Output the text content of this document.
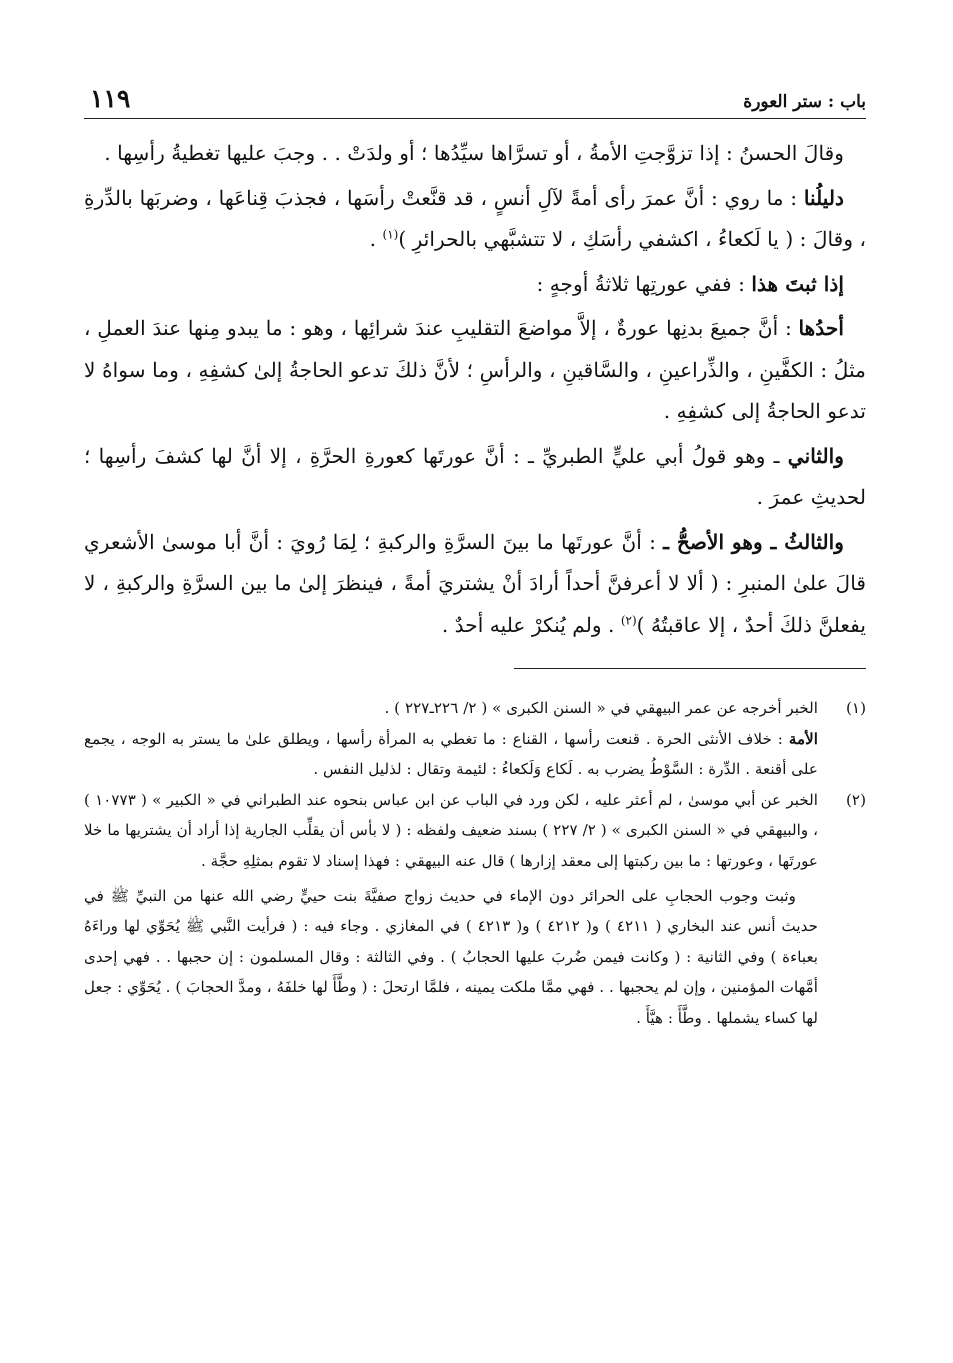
باب : ستر العورة
١١٩

وقالَ الحسنُ : إذا تزوَّجتِ الأمةُ ، أو تسرَّاها سيِّدُها ؛ أو ولدَتْ . . وجبَ عليها تغطيةُ رأسِها .

دليلُنا : ما روي : أنَّ عمرَ رأى أمةً لآلِ أنسٍ ، قد قنَّعتْ رأسَها ، فجذبَ قِناعَها ، وضربَها بالدِّرةِ ، وقالَ : ( يا لَكعاءُ ، اكشفي رأسَكِ ، لا تتشبَّهي بالحرائرِ )$^{(١)}$ .

إذا ثبتَ هذا : ففي عورتِها ثلاثةُ أوجهٍ :

أحدُها : أنَّ جميعَ بدنِها عورةٌ ، إلاَّ مواضعَ التقليبِ عندَ شرائِها ، وهو : ما يبدو مِنها عندَ العملِ ، مثلُ : الكفَّينِ ، والذِّراعينِ ، والسَّاقينِ ، والرأسِ ؛ لأنَّ ذلكَ تدعو الحاجةُ إلىٰ كشفِهِ ، وما سواهُ لا تدعو الحاجةُ إلى كشفِهِ .

والثاني ـ وهو قولُ أبي عليٍّ الطبريِّ ـ : أنَّ عورتَها كعورةِ الحرَّةِ ، إلا أنَّ لها كشفَ رأسِها ؛ لحديثِ عمرَ .

والثالثُ ـ وهو الأصحُّ ـ : أنَّ عورتَها ما بينَ السرَّةِ والركبةِ ؛ لِمَا رُويَ : أنَّ أبا موسىٰ الأشعري قالَ علىٰ المنبرِ : ( ألا لا أعرفنَّ أحداً أرادَ أنْ يشتريَ أمةً ، فينظرَ إلىٰ ما بين السرَّةِ والركبةِ ، لا يفعلنَّ ذلكَ أحدٌ ، إلا عاقبتُهُ )$^{(٢)}$ . ولم يُنكرْ عليه أحدٌ .

(١)

الخبر أخرجه عن عمر البيهقي في « السنن الكبرى » ( ٢/ ٢٢٦ـ٢٢٧ ) .

الأمة : خلاف الأنثى الحرة . قنعت رأسها ، القناع : ما تغطي به المرأة رأسها ، ويطلق علىٰ ما يستر به الوجه ، يجمع على أقنعة . الدِّرة : السَّوْطُ يضرب به . لَكاع وَلَكعاءُ : لئيمة وتقال : لذليل النفس .

(٢)

الخبر عن أبي موسىٰ ، لم أعثر عليه ، لكن ورد في الباب عن ابن عباس بنحوه عند الطبراني في « الكبير » ( ١٠٧٧٣ ) ، والبيهقي في « السنن الكبرى » ( ٢/ ٢٢٧ ) بسند ضعيف ولفظه : ( لا بأس أن يقلِّب الجارية إذا أراد أن يشتريها ما خلا عورتَها ، وعورتها : ما بين ركبتها إلى معقد إزارها ) قال عنه البيهقي : فهذا إسناد لا تقوم بمثلِهِ حجَّة .

وثبت وجوب الحجابِ على الحرائر دون الإماء في حديث زواج صفيَّةَ بنت حييٍّ رضي الله عنها من النبيِّ ﷺ في حديث أنس عند البخاري ( ٤٢١١ ) و( ٤٢١٢ ) و( ٤٢١٣ ) في المغازي . وجاء فيه : ( فرأيت النَّبي ﷺ يُحَوِّي لها وراءَهُ بعباءة ) وفي الثانية : ( وكانت فيمن ضُربَ عليها الحجابُ ) . وفي الثالثة : وقال المسلمون : إن حجبها . . فهي إحدى أمَّهات المؤمنين ، وإن لم يحجبها . . فهي ممَّا ملكت يمينه ، فلمَّا ارتحلَ : ( وطَّأَ لها خلفَهُ ، ومدَّ الحجابَ ) . يُحَوِّي : جعل لها كساء يشملها . وطَّأَ : هيَّأَ .
